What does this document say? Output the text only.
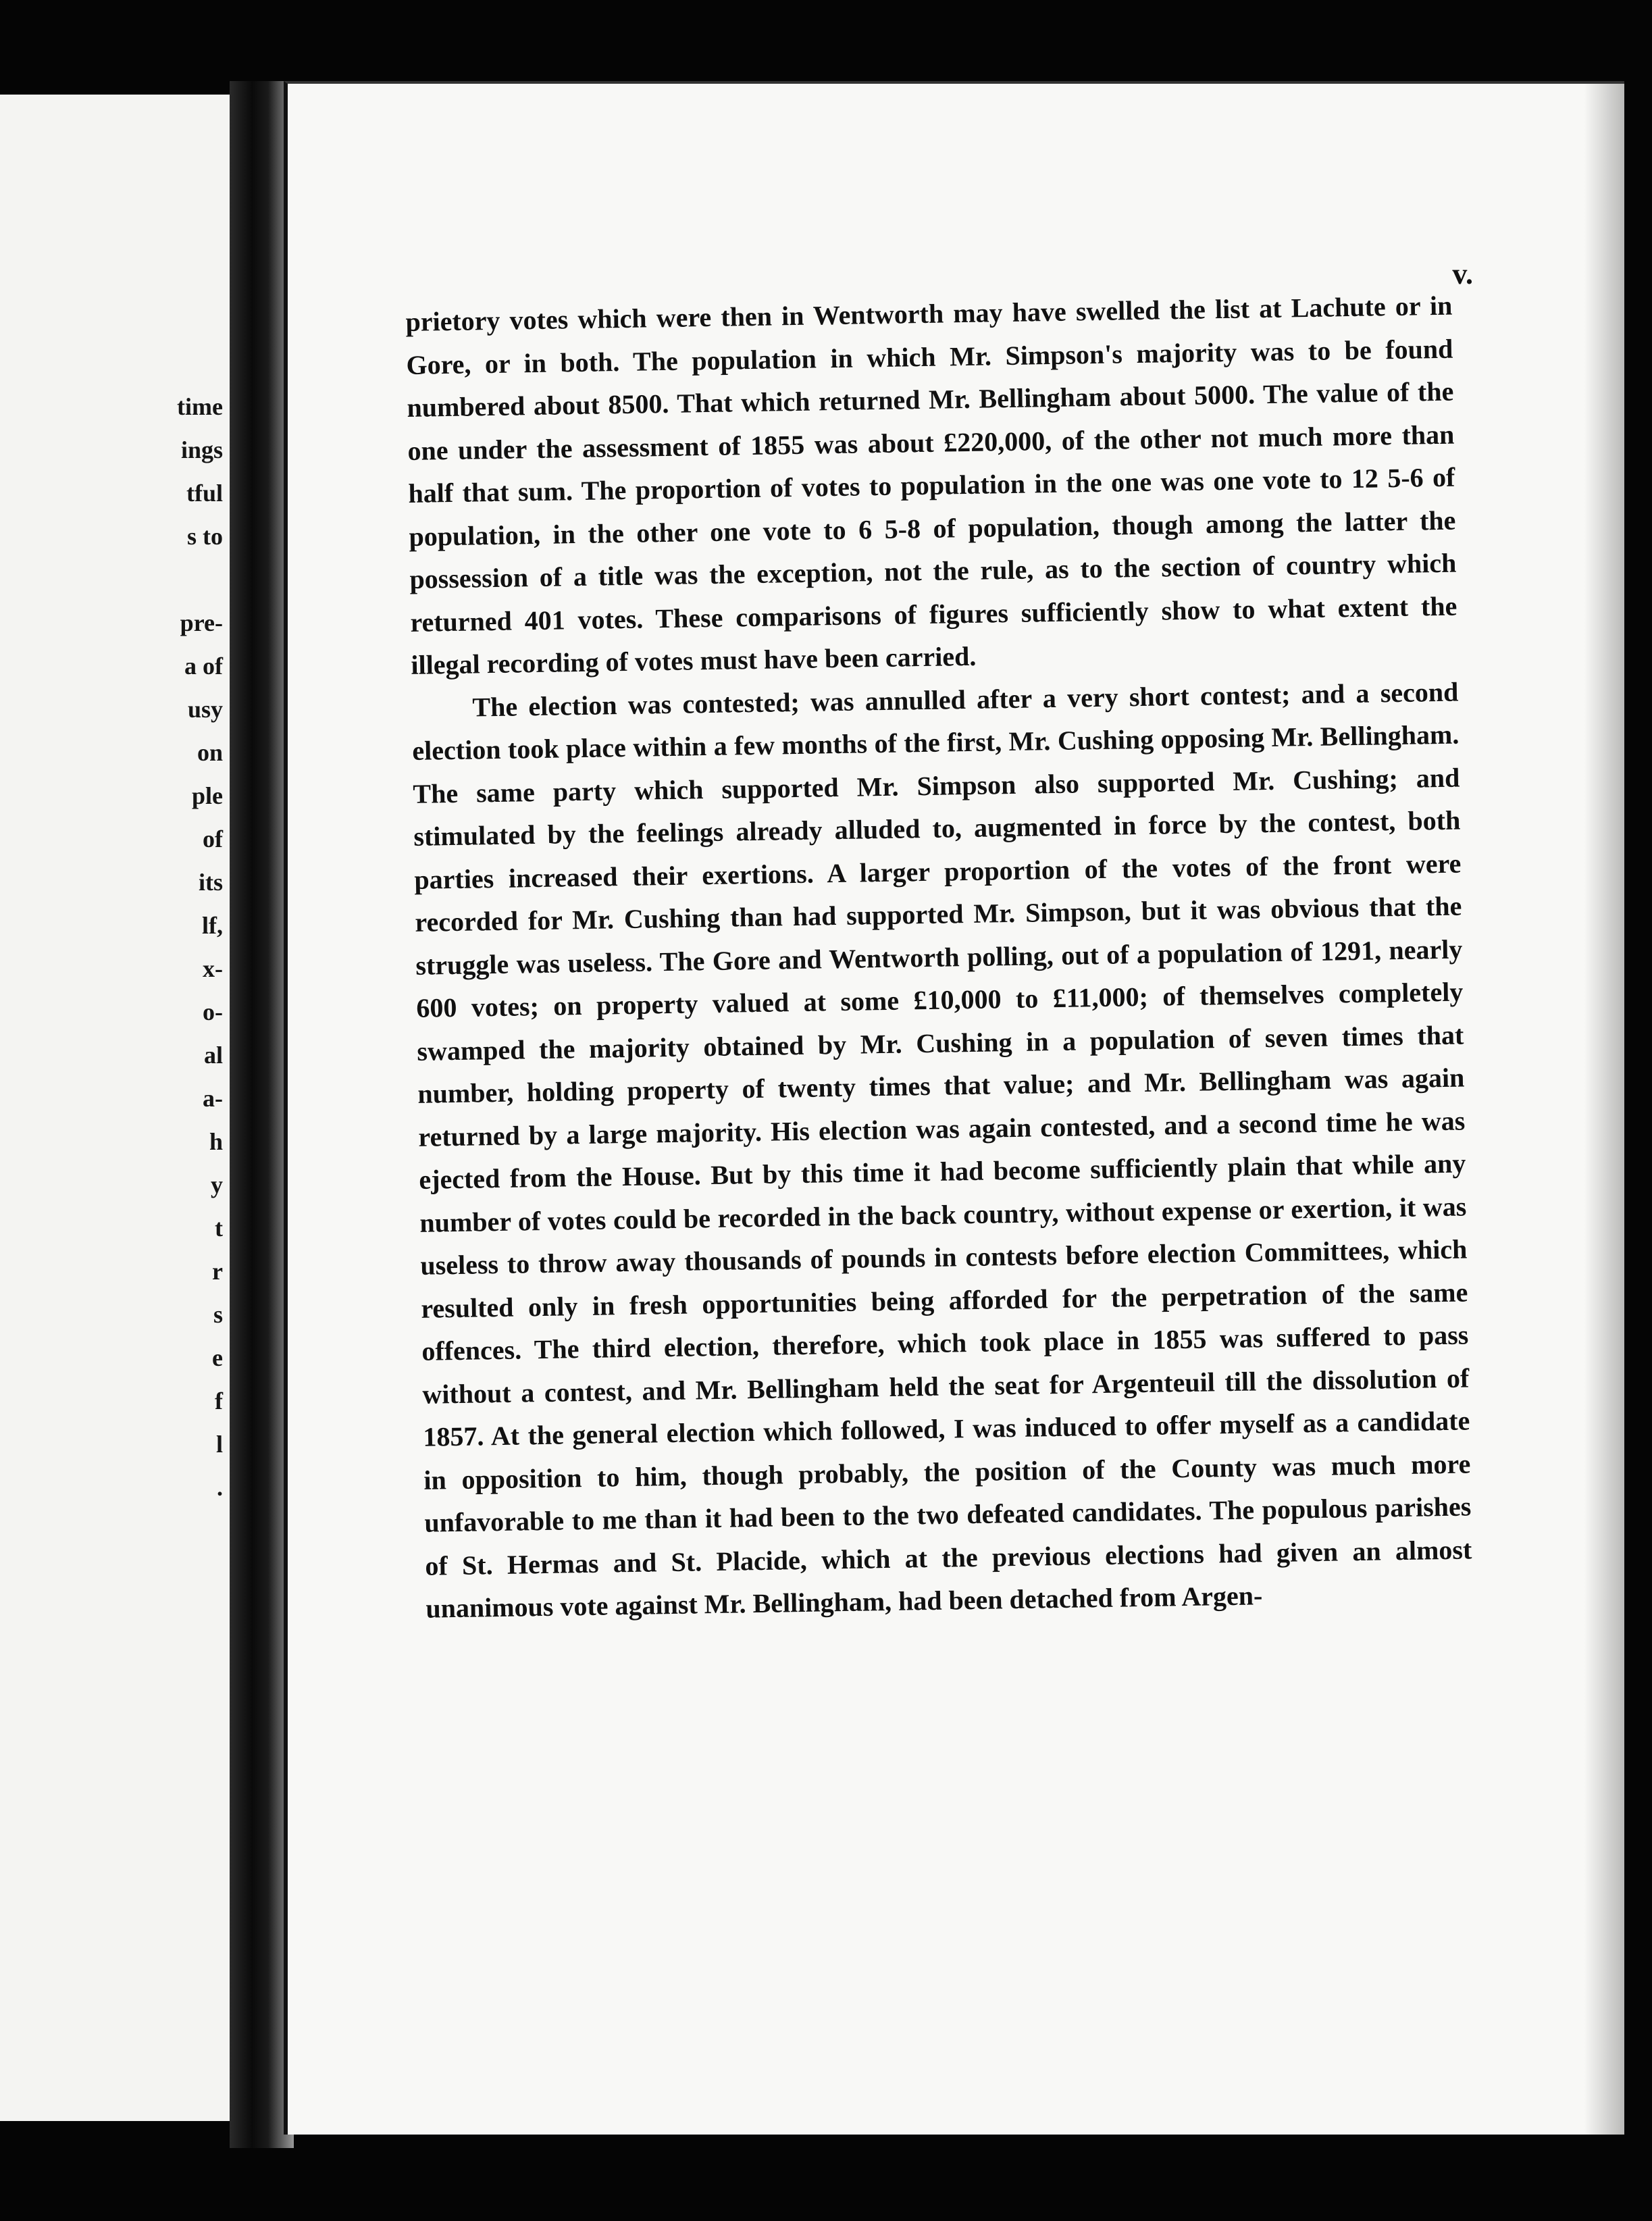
time
ings
tful
s to

pre-
a of
usy
on
ple
of
its
lf,
x-
o-
al
a-
h
y
t
r
s
e
f
l
.
v.

prietory votes which were then in Wentworth may have swelled the list at Lachute or in Gore, or in both. The population in which Mr. Simpson's majority was to be found numbered about 8500. That which returned Mr. Bellingham about 5000. The value of the one under the assessment of 1855 was about £220,000, of the other not much more than half that sum. The proportion of votes to population in the one was one vote to 12 5-6 of population, in the other one vote to 6 5-8 of population, though among the latter the possession of a title was the exception, not the rule, as to the section of country which returned 401 votes. These comparisons of figures sufficiently show to what extent the illegal recording of votes must have been carried.

The election was contested; was annulled after a very short contest; and a second election took place within a few months of the first, Mr. Cushing opposing Mr. Bellingham. The same party which supported Mr. Simpson also supported Mr. Cushing; and stimulated by the feelings already alluded to, augmented in force by the contest, both parties increased their exertions. A larger proportion of the votes of the front were recorded for Mr. Cushing than had supported Mr. Simpson, but it was obvious that the struggle was useless. The Gore and Wentworth polling, out of a population of 1291, nearly 600 votes; on property valued at some £10,000 to £11,000; of themselves completely swamped the majority obtained by Mr. Cushing in a population of seven times that number, holding property of twenty times that value; and Mr. Bellingham was again returned by a large majority. His election was again contested, and a second time he was ejected from the House. But by this time it had become sufficiently plain that while any number of votes could be recorded in the back country, without expense or exertion, it was useless to throw away thousands of pounds in contests before election Committees, which resulted only in fresh opportunities being afforded for the perpetration of the same offences. The third election, therefore, which took place in 1855 was suffered to pass without a contest, and Mr. Bellingham held the seat for Argenteuil till the dissolution of 1857. At the general election which followed, I was induced to offer myself as a candidate in opposition to him, though probably, the position of the County was much more unfavorable to me than it had been to the two defeated candidates. The populous parishes of St. Hermas and St. Placide, which at the previous elections had given an almost unanimous vote against Mr. Bellingham, had been detached from Argen-
